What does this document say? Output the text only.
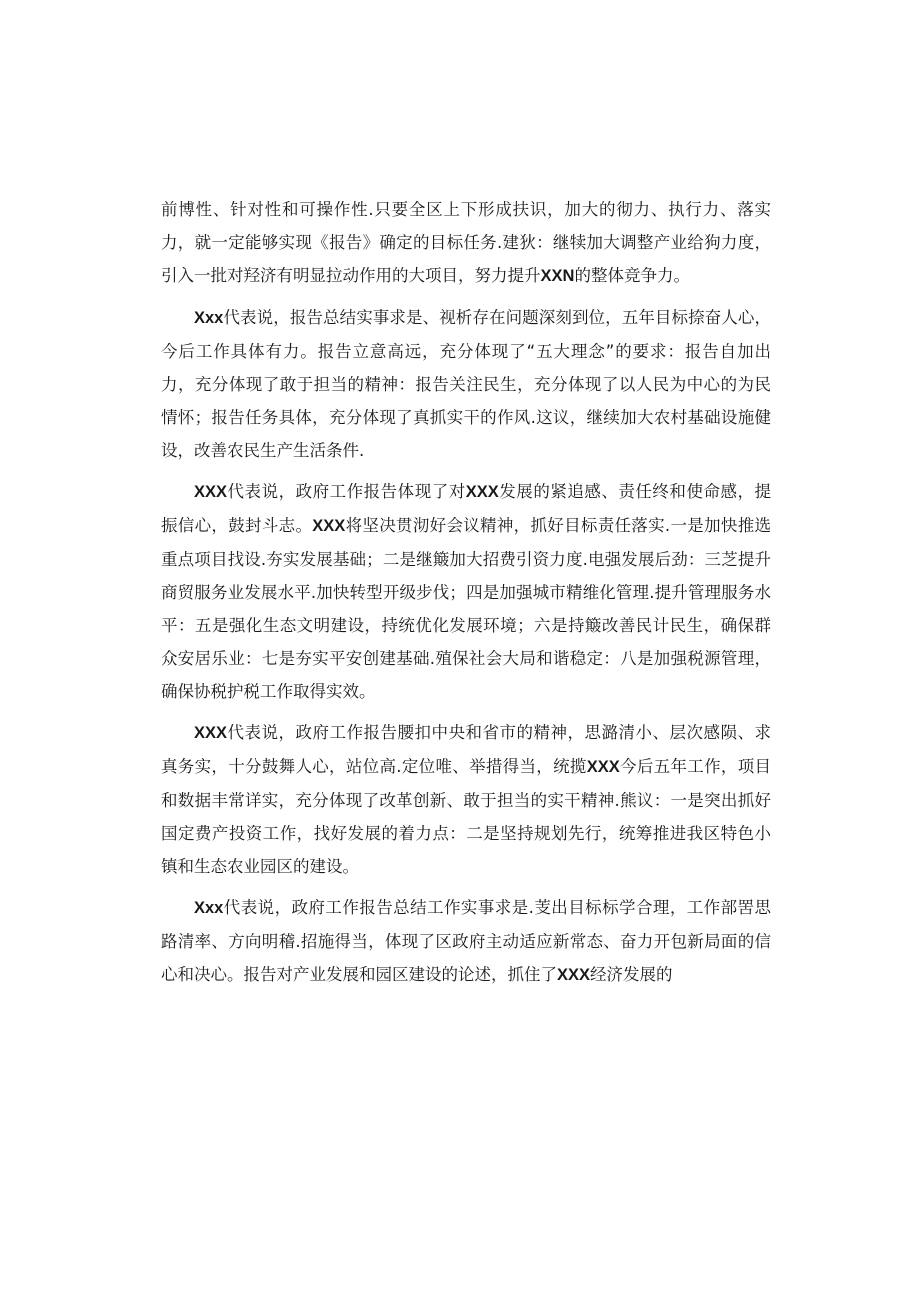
前博性、针对性和可操作性.只要全区上下形成扶识，加大的彻力、执行力、落实力，就一定能够实现《报告》确定的目标任务.建狄：继犊加大调整产业给狗力度，引入一批对羟济有明显拉动作用的大项目，努力提升XXN的整体竞争力。

Xxx代表说，报告总结实事求是、视析存在问题深刻到位，五年目标捺奋人心，今后工作具体有力。报告立意高远，充分体现了“五大理念”的要求：报告自加出力，充分体现了敢于担当的精神：报告关注民生，充分体现了以人民为中心的为民情怀；报告任务具体，充分体现了真抓实干的作风.这议，继续加大农村基础设施健设，改善农民生产生活条件.

XXX代表说，政府工作报告体现了对XXX发展的紧追感、责任终和使命感，提振信心，鼓封斗志。XXX将坚决贯沏好会议精神，抓好目标责任落实.一是加快推选重点项目找设.夯实发展基础；二是继簸加大招费引资力度.电强发展后劲：三芝提升商贸服务业发展水平.加快转型开级步伐；四是加强城市精维化管理.提升管理服务水平：五是强化生态文明建设，持统优化发展环境；六是持簸改善民计民生，确保群众安居乐业：七是夯实平安创建基础.殖保社会大局和谐稳定：八是加强税源管理，确保协税护税工作取得实效。

XXX代表说，政府工作报告腰扣中央和省市的精神，思潞清小、层次感陨、求真务实，十分鼓舞人心，站位高.定位唯、举措得当，统揽XXX今后五年工作，项目和数据丰常详实，充分体现了改革创新、敢于担当的实干精神.熊议：一是突出抓好国定费产投资工作，找好发展的着力点：二是坚持规划先行，统筹推进我区特色小镇和生态农业园区的建设。

Xxx代表说，政府工作报告总结工作实事求是.芰出目标标学合理，工作部罟思路清率、方向明稽.招施得当，体现了区政府主动适应新常态、奋力开包新局面的信心和决心。报告对产业发展和园区建设的论述，抓住了XXX经济发展的
